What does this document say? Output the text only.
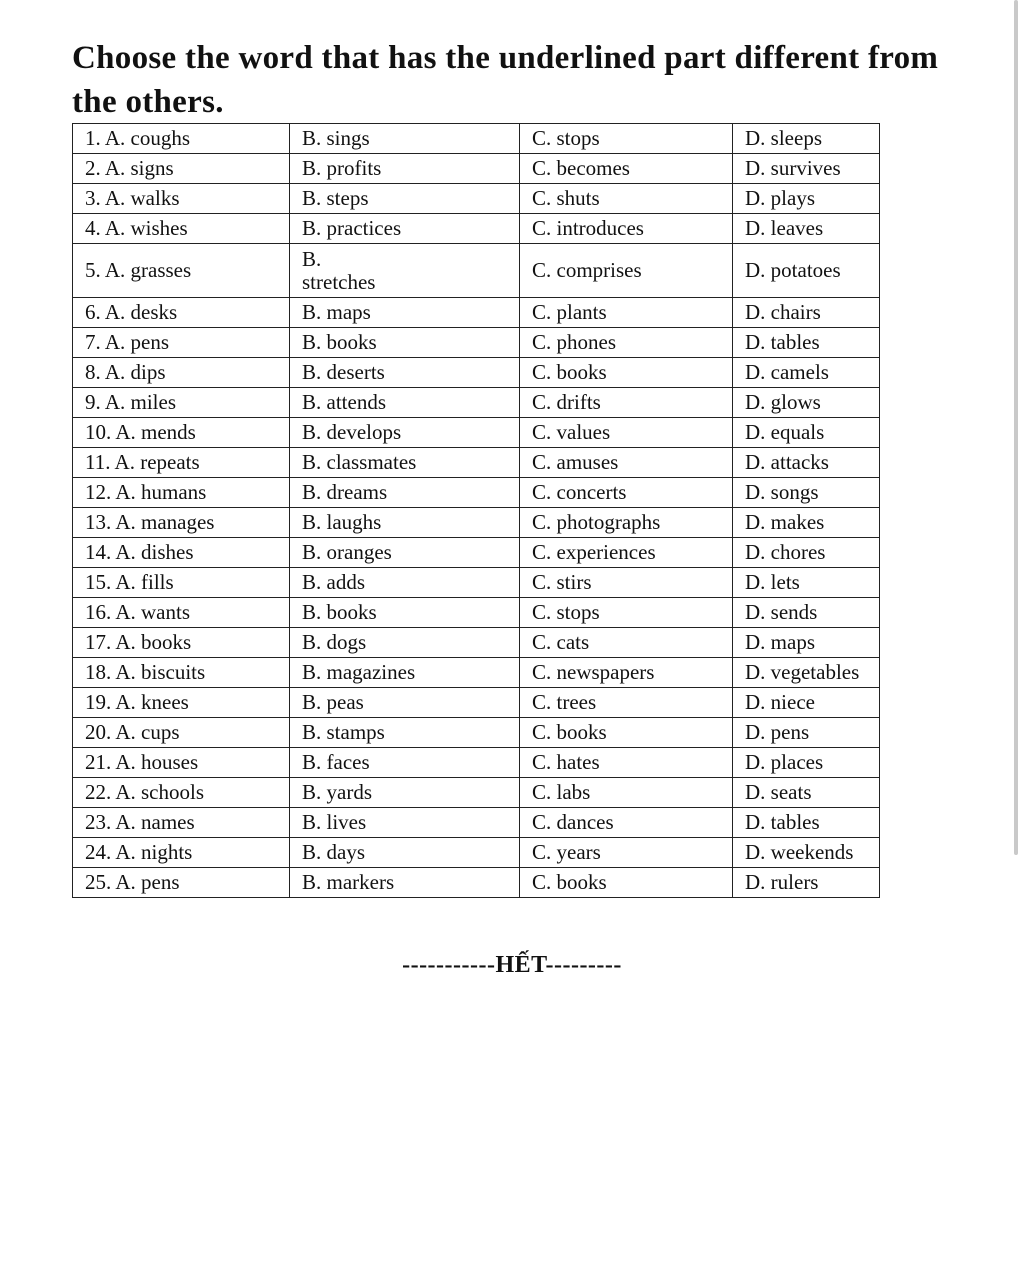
Choose the word that has the underlined part different from the others.
1. A. coughs	B. sings	C. stops	D. sleeps
2. A. signs	B. profits	C. becomes	D. survives
3. A. walks	B. steps	C. shuts	D. plays
4. A. wishes	B. practices	C. introduces	D. leaves
5. A. grasses	B. stretches	C. comprises	D. potatoes
6. A. desks	B. maps	C. plants	D. chairs
7. A. pens	B. books	C. phones	D. tables
8. A. dips	B. deserts	C. books	D. camels
9. A. miles	B. attends	C. drifts	D. glows
10. A. mends	B. develops	C. values	D. equals
11. A. repeats	B. classmates	C. amuses	D. attacks
12. A. humans	B. dreams	C. concerts	D. songs
13. A. manages	B. laughs	C. photographs	D. makes
14. A. dishes	B. oranges	C. experiences	D. chores
15. A. fills	B. adds	C. stirs	D. lets
16. A. wants	B. books	C. stops	D. sends
17. A. books	B. dogs	C. cats	D. maps
18. A. biscuits	B. magazines	C. newspapers	D. vegetables
19. A. knees	B. peas	C. trees	D. niece
20. A. cups	B. stamps	C. books	D. pens
21. A. houses	B. faces	C. hates	D. places
22. A. schools	B. yards	C. labs	D. seats
23. A. names	B. lives	C. dances	D. tables
24. A. nights	B. days	C. years	D. weekends
25. A. pens	B. markers	C. books	D. rulers
-----------HẾT---------
